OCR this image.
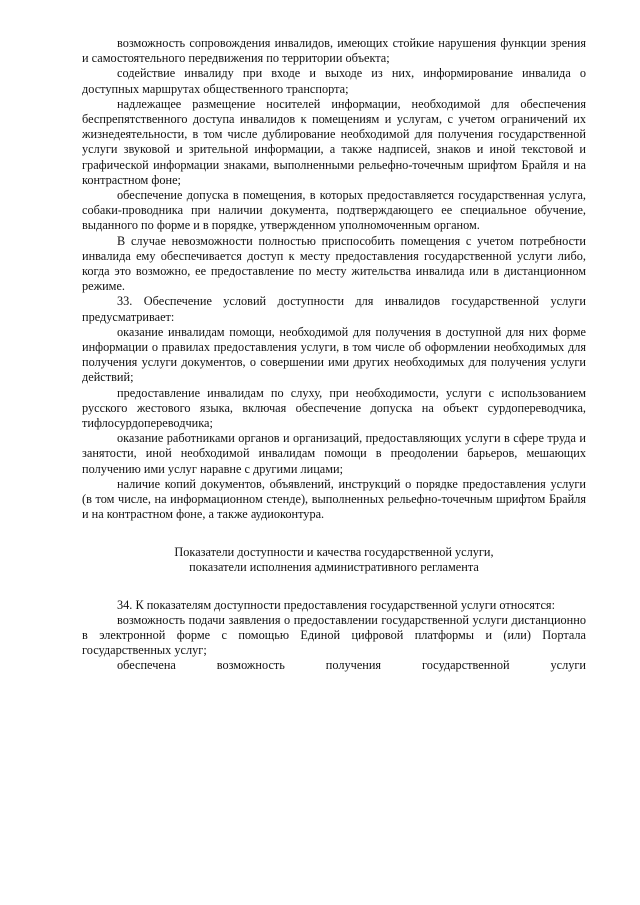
возможность сопровождения инвалидов, имеющих стойкие нарушения функции зрения и самостоятельного передвижения по территории объекта;

содействие инвалиду при входе и выходе из них, информирование инвалида о доступных маршрутах общественного транспорта;

надлежащее размещение носителей информации, необходимой для обеспечения беспрепятственного доступа инвалидов к помещениям и услугам, с учетом ограничений их жизнедеятельности, в том числе дублирование необходимой для получения государственной услуги звуковой и зрительной информации, а также надписей, знаков и иной текстовой и графической информации знаками, выполненными рельефно-точечным шрифтом Брайля и на контрастном фоне;

обеспечение допуска в помещения, в которых предоставляется государственная услуга, собаки-проводника при наличии документа, подтверждающего ее специальное обучение, выданного по форме и в порядке, утвержденном уполномоченным органом.

В случае невозможности полностью приспособить помещения с учетом потребности инвалида ему обеспечивается доступ к месту предоставления государственной услуги либо, когда это возможно, ее предоставление по месту жительства инвалида или в дистанционном режиме.

33. Обеспечение условий доступности для инвалидов государственной услуги предусматривает:

оказание инвалидам помощи, необходимой для получения в доступной для них форме информации о правилах предоставления услуги, в том числе об оформлении необходимых для получения услуги документов, о совершении ими других необходимых для получения услуги действий;

предоставление инвалидам по слуху, при необходимости, услуги с использованием русского жестового языка, включая обеспечение допуска на объект сурдопереводчика, тифлосурдопереводчика;

оказание работниками органов и организаций, предоставляющих услуги в сфере труда и занятости, иной необходимой инвалидам помощи в преодолении барьеров, мешающих получению ими услуг наравне с другими лицами;

наличие копий документов, объявлений, инструкций о порядке предоставления услуги (в том числе, на информационном стенде), выполненных рельефно-точечным шрифтом Брайля и на контрастном фоне, а также аудиоконтура.

Показатели доступности и качества государственной услуги,
показатели исполнения административного регламента

34. К показателям доступности предоставления государственной услуги относятся:

возможность подачи заявления о предоставлении государственной услуги дистанционно в электронной форме с помощью Единой цифровой платформы и (или) Портала государственных услуг;

обеспечена возможность получения государственной услуги
